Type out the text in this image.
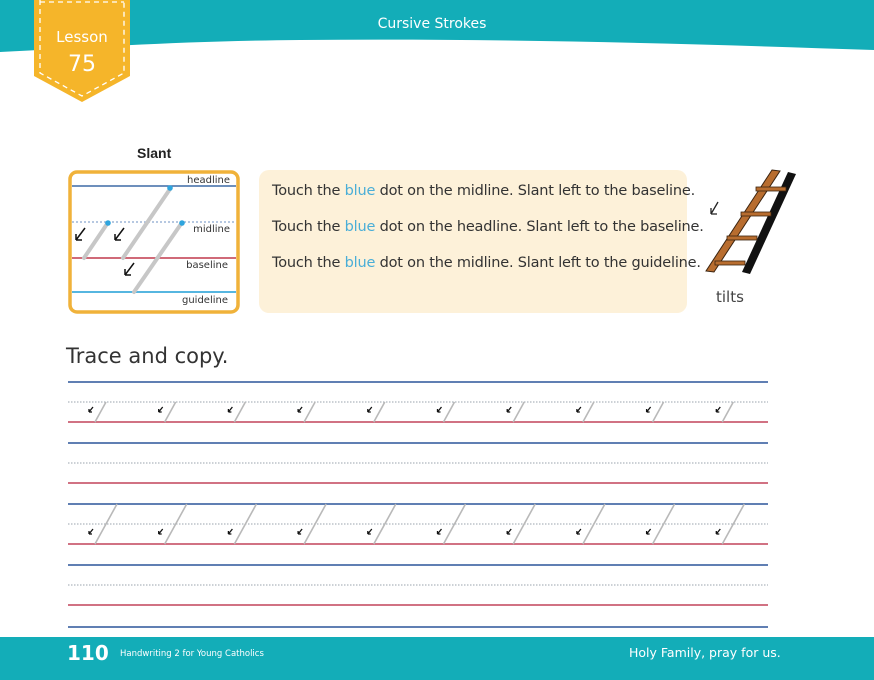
Cursive Strokes
Lesson
75
Slant
headline
midline
baseline
guideline
Touch the blue dot on the midline. Slant left to the baseline.
Touch the blue dot on the headline. Slant left to the baseline.
Touch the blue dot on the midline. Slant left to the guideline.
tilts
Trace and copy.
110 Handwriting 2 for Young Catholics	Holy Family, pray for us.
